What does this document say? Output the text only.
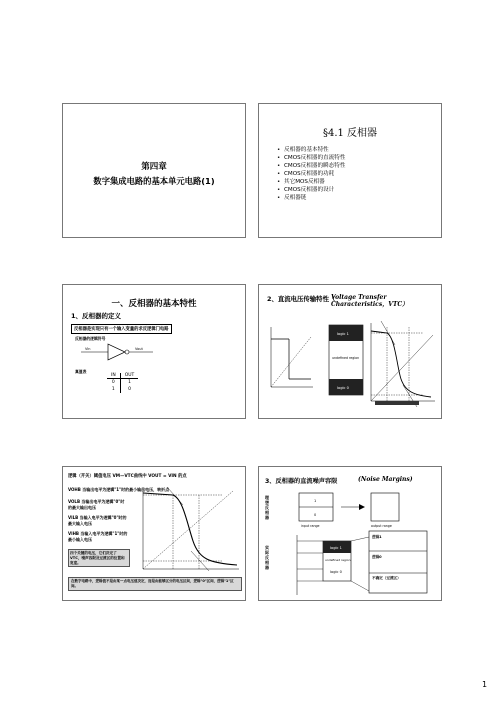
第四章
数字集成电路的基本单元电路(1)
§4.1 反相器
• 反相器的基本特性
• CMOS反相器的直流特性
• CMOS反相器的瞬态特性
• CMOS反相器的功耗
• 其它MOS反相器
• CMOS反相器的设计
• 反相器链
一、反相器的基本特性
1、反相器的定义
反相器是实现只有一个输入变量的求反逻辑门电路
反相器的逻辑符号
Vin	Vout
真值表
IN	OUT
0	1
1	0
2、直流电压传输特性（
Voltage Transfer Characteristics，VTC）
logic 1
undefined region
logic 0
逻辑（开关）阈值电压 VM—VTC曲线中 VOUT = VIN 的点
VOHB 当输出电平为逻辑"1"时的最小输出电压，转折点
VOLB 当输出电平为逻辑"0"时的最大输出电压
VILB 当输入电平为逻辑"0"时的最大输入电压
VIHB 当输入电平为逻辑"1"时的最小输入电压
四个关键的电压，它们决定了VTC，噪声容限及过渡区的位置和宽度。
在数字电路中，逻辑值不是由某一点电压值决定，而是由能够区分的电压区间，逻辑"0"区间，逻辑"1"区间。
3、反相器的直流噪声容限	(Noise Margins)
理想反相器
实际反相器
1
0
input range	output range
logic 1
undefined region
logic 0
逻辑1
逻辑0
不确定（过渡区）
1
